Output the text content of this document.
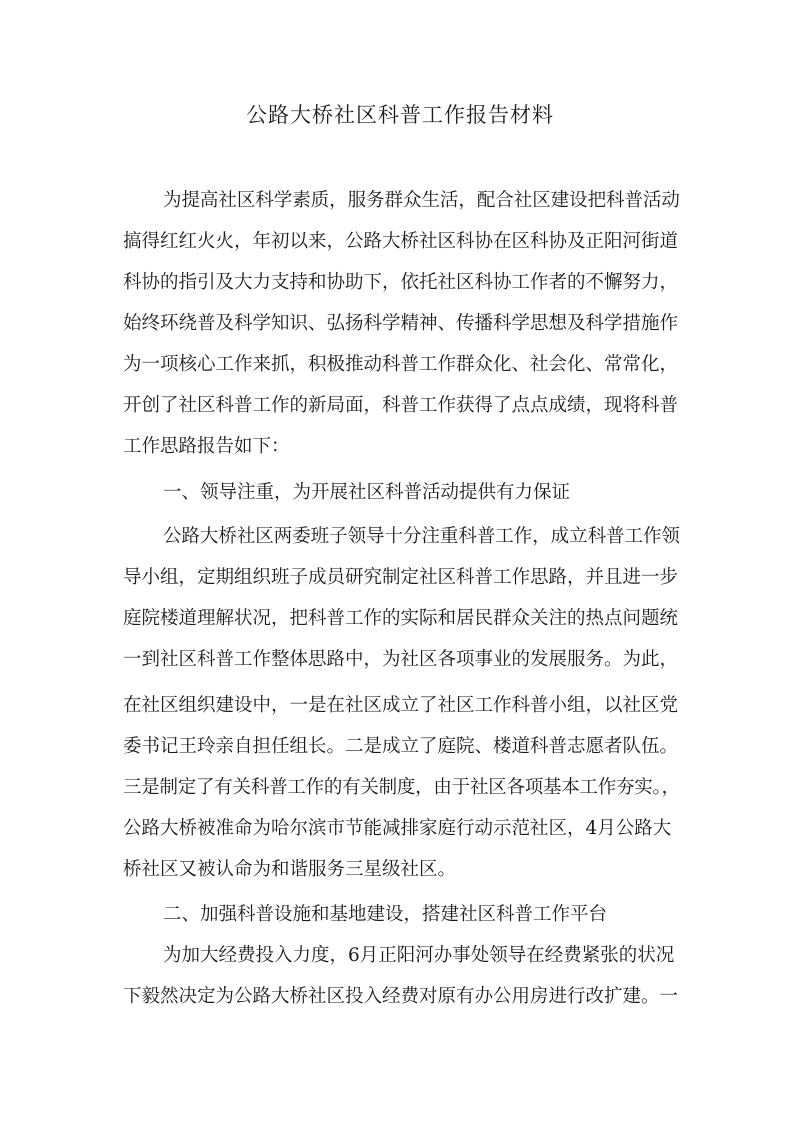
公路大桥社区科普工作报告材料
为提高社区科学素质，服务群众生活，配合社区建设把科普活动
搞得红红火火，年初以来，公路大桥社区科协在区科协及正阳河街道
科协的指引及大力支持和协助下，依托社区科协工作者的不懈努力，
始终环绕普及科学知识、弘扬科学精神、传播科学思想及科学措施作
为一项核心工作来抓，积极推动科普工作群众化、社会化、常常化，
开创了社区科普工作的新局面，科普工作获得了点点成绩，现将科普
工作思路报告如下：
一、领导注重，为开展社区科普活动提供有力保证
公路大桥社区两委班子领导十分注重科普工作，成立科普工作领
导小组，定期组织班子成员研究制定社区科普工作思路，并且进一步
庭院楼道理解状况，把科普工作的实际和居民群众关注的热点问题统
一到社区科普工作整体思路中，为社区各项事业的发展服务。为此，
在社区组织建设中，一是在社区成立了社区工作科普小组，以社区党
委书记王玲亲自担任组长。二是成立了庭院、楼道科普志愿者队伍。
三是制定了有关科普工作的有关制度，由于社区各项基本工作夯实。，
公路大桥被准命为哈尔滨市节能减排家庭行动示范社区，4月公路大
桥社区又被认命为和谐服务三星级社区。
二、加强科普设施和基地建设，搭建社区科普工作平台
为加大经费投入力度，6月正阳河办事处领导在经费紧张的状况
下毅然决定为公路大桥社区投入经费对原有办公用房进行改扩建。一
